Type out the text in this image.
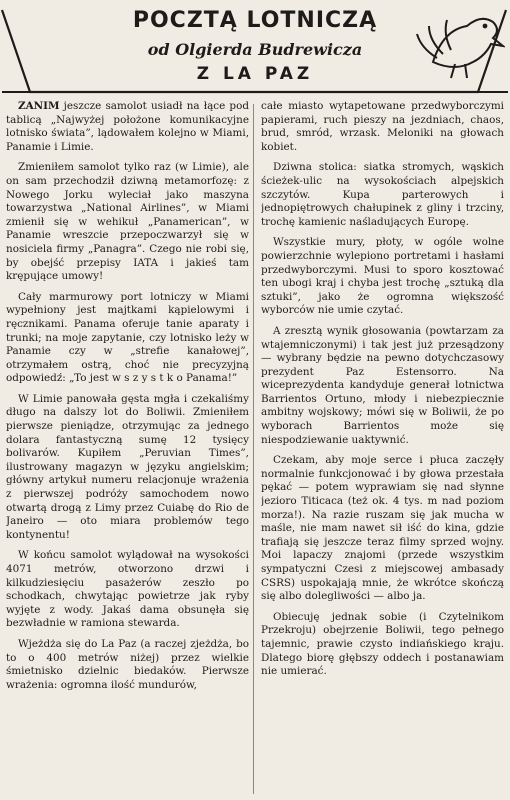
POCZTĄ LOTNICZĄ
od Olgierda Budrewicza
Z LA PAZ

ZANIM jeszcze samolot usiadł na łące pod tablicą „Najwyżej położone komunikacyjne lotnisko świata”, lądowałem kolejno w Miami, Panamie i Limie.

Zmieniłem samolot tylko raz (w Limie), ale on sam przechodził dziwną metamorfozę: z Nowego Jorku wyleciał jako maszyna towarzystwa „National Airlines”, w Miami zmienił się w wehikuł „Panamerican”, w Panamie wreszcie przepoczwarzył się w nosiciela firmy „Panagra”. Czego nie robi się, by obejść przepisy IATA i jakieś tam krępujące umowy!

Cały marmurowy port lotniczy w Miami wypełniony jest majtkami kąpielowymi i ręcznikami. Panama oferuje tanie aparaty i trunki; na moje zapytanie, czy lotnisko leży w Panamie czy w „strefie kanałowej”, otrzymałem ostrą, choć nie precyzyjną odpowiedź: „To jest w s z y s t k o Panama!”

W Limie panowała gęsta mgła i czekaliśmy długo na dalszy lot do Boliwii. Zmieniłem pierwsze pieniądze, otrzymując za jednego dolara fantastyczną sumę 12 tysięcy bolivarów. Kupiłem „Peruvian Times”, ilustrowany magazyn w języku angielskim; główny artykuł numeru relacjonuje wrażenia z pierwszej podróży samochodem nowo otwartą drogą z Limy przez Cuiabę do Rio de Janeiro — oto miara problemów tego kontynentu!

W końcu samolot wylądował na wysokości 4071 metrów, otworzono drzwi i kilkudziesięciu pasażerów zeszło po schodkach, chwytając powietrze jak ryby wyjęte z wody. Jakaś dama obsunęła się bezwładnie w ramiona stewarda.

Wjeżdża się do La Paz (a raczej zjeżdża, bo to o 400 metrów niżej) przez wielkie śmietnisko dzielnic biedaków. Pierwsze wrażenia: ogromna ilość mundurów,

całe miasto wytapetowane przedwyborczymi papierami, ruch pieszy na jezdniach, chaos, brud, smród, wrzask. Meloniki na głowach kobiet.

Dziwna stolica: siatka stromych, wąskich ścieżek-ulic na wysokościach alpejskich szczytów. Kupa parterowych i jednopiętrowych chałupinek z gliny i trzciny, trochę kamienic naśladujących Europę.

Wszystkie mury, płoty, w ogóle wolne powierzchnie wylepiono portretami i hasłami przedwyborczymi. Musi to sporo kosztować ten ubogi kraj i chyba jest trochę „sztuką dla sztuki”, jako że ogromna większość wyborców nie umie czytać.

A zresztą wynik głosowania (powtarzam za wtajemniczonymi) i tak jest już przesądzony — wybrany będzie na pewno dotychczasowy prezydent Paz Estensorro. Na wiceprezydenta kandyduje generał lotnictwa Barrientos Ortuno, młody i niebezpiecznie ambitny wojskowy; mówi się w Boliwii, że po wyborach Barrientos może się niespodziewanie uaktywnić.

Czekam, aby moje serce i płuca zaczęły normalnie funkcjonować i by głowa przestała pękać — potem wyprawiam się nad słynne jezioro Titicaca (też ok. 4 tys. m nad poziom morza!). Na razie ruszam się jak mucha w maśle, nie mam nawet sił iść do kina, gdzie trafiają się jeszcze teraz filmy sprzed wojny. Moi lapaczy znajomi (przede wszystkim sympatyczni Czesi z miejscowej ambasady CSRS) uspokajają mnie, że wkrótce skończą się albo dolegliwości — albo ja.

Obiecuję jednak sobie (i Czytelnikom Przekroju) obejrzenie Boliwii, tego pełnego tajemnic, prawie czysto indiańskiego kraju. Dlatego biorę głębszy oddech i postanawiam nie umierać.
